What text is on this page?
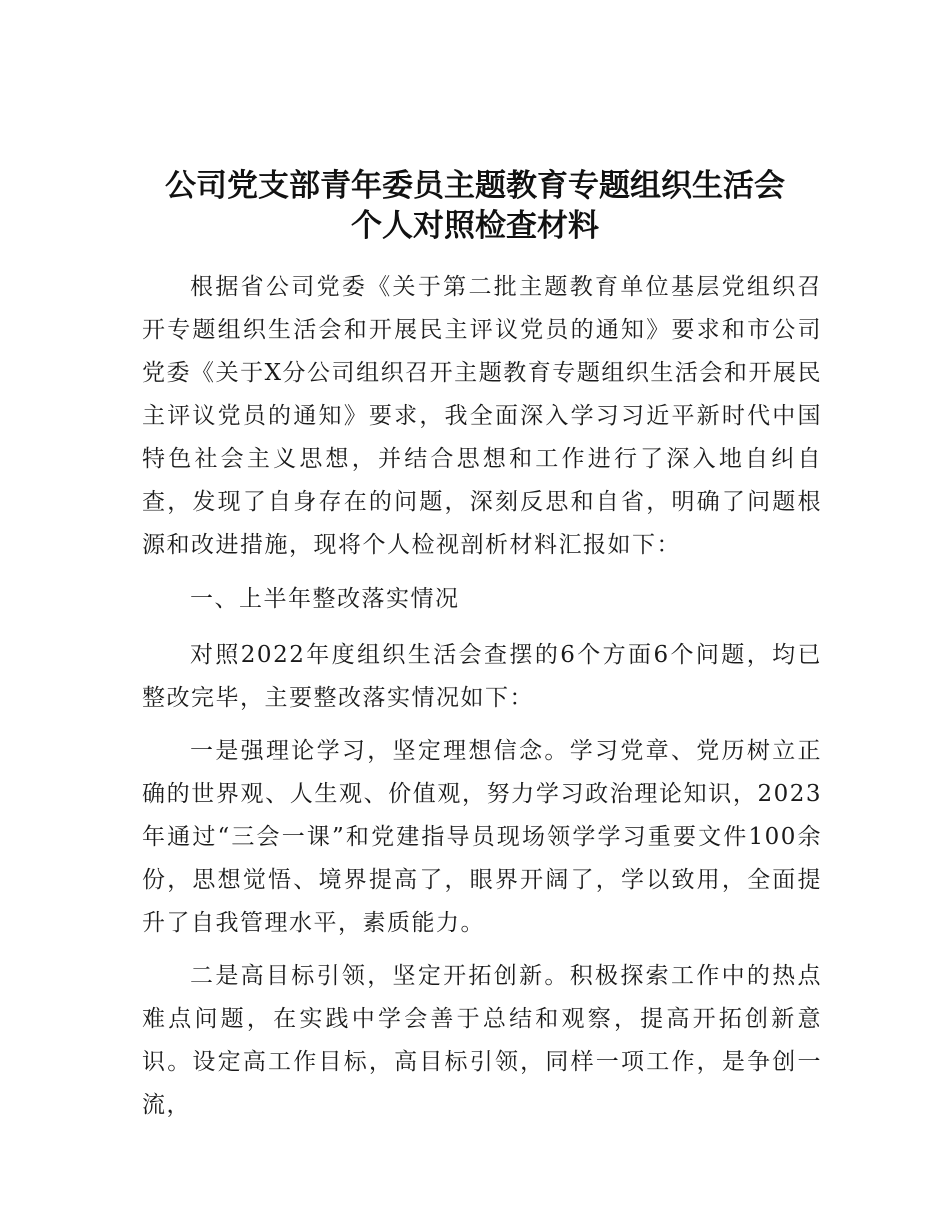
公司党支部青年委员主题教育专题组织生活会
个人对照检查材料

根据省公司党委《关于第二批主题教育单位基层党组织召开专题组织生活会和开展民主评议党员的通知》要求和市公司党委《关于X分公司组织召开主题教育专题组织生活会和开展民主评议党员的通知》要求，我全面深入学习习近平新时代中国特色社会主义思想，并结合思想和工作进行了深入地自纠自查，发现了自身存在的问题，深刻反思和自省，明确了问题根源和改进措施，现将个人检视剖析材料汇报如下：

一、上半年整改落实情况

对照2022年度组织生活会查摆的6个方面6个问题，均已整改完毕，主要整改落实情况如下：

一是强理论学习，坚定理想信念。学习党章、党历树立正确的世界观、人生观、价值观，努力学习政治理论知识，2023年通过“三会一课”和党建指导员现场领学学习重要文件100余份，思想觉悟、境界提高了，眼界开阔了，学以致用，全面提升了自我管理水平，素质能力。

二是高目标引领，坚定开拓创新。积极探索工作中的热点难点问题，在实践中学会善于总结和观察，提高开拓创新意识。设定高工作目标，高目标引领，同样一项工作，是争创一流，
